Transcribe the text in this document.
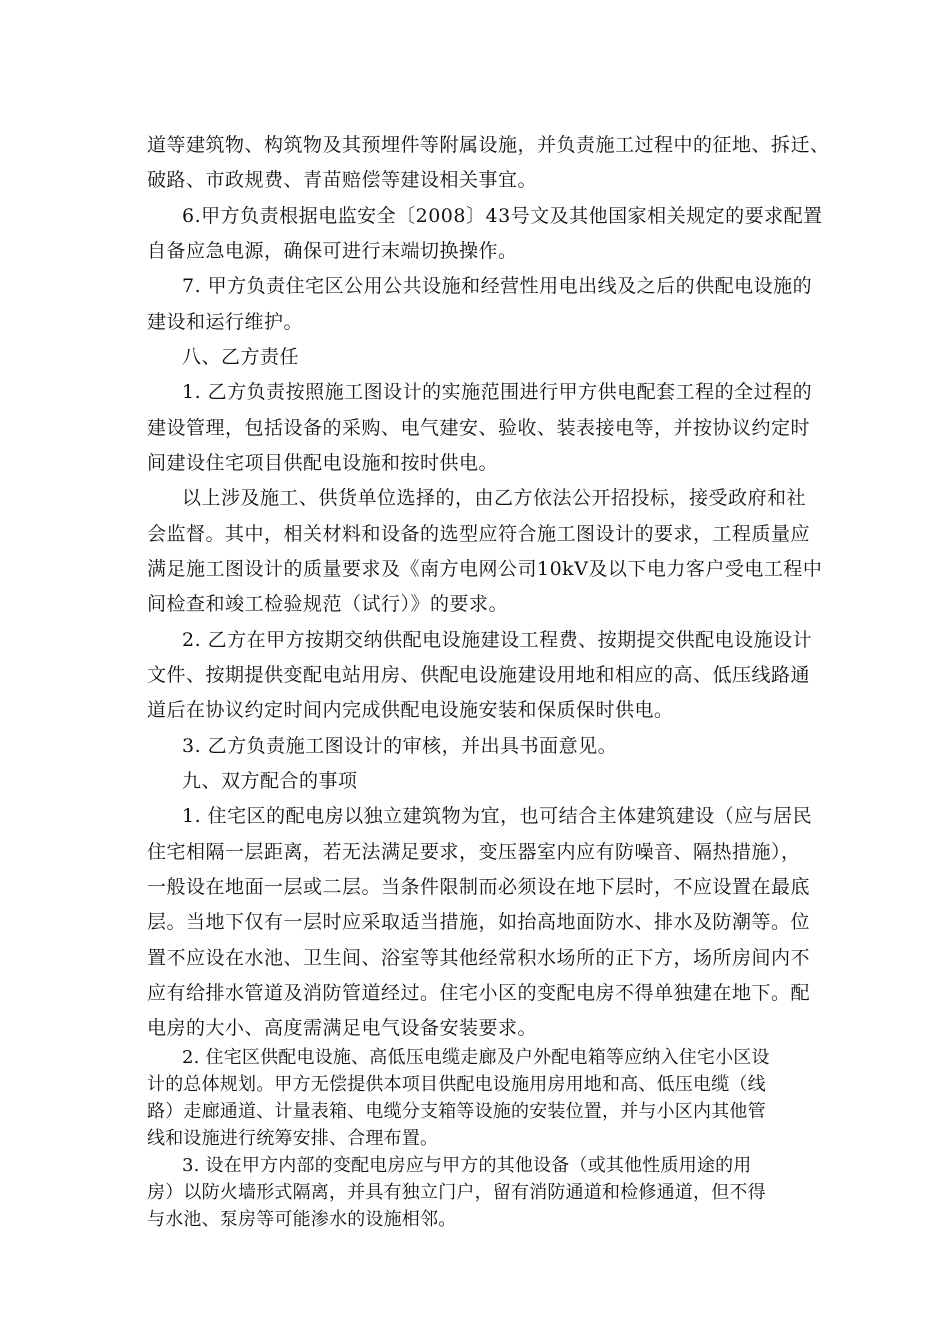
道等建筑物、构筑物及其预埋件等附属设施，并负责施工过程中的征地、拆迁、
破路、市政规费、青苗赔偿等建设相关事宜。
6.甲方负责根据电监安全〔2008〕43号文及其他国家相关规定的要求配置
自备应急电源，确保可进行末端切换操作。
7. 甲方负责住宅区公用公共设施和经营性用电出线及之后的供配电设施的
建设和运行维护。
八、乙方责任
1. 乙方负责按照施工图设计的实施范围进行甲方供电配套工程的全过程的
建设管理，包括设备的采购、电气建安、验收、装表接电等，并按协议约定时
间建设住宅项目供配电设施和按时供电。
以上涉及施工、供货单位选择的，由乙方依法公开招投标，接受政府和社
会监督。其中，相关材料和设备的选型应符合施工图设计的要求，工程质量应
满足施工图设计的质量要求及《南方电网公司10kV及以下电力客户受电工程中
间检查和竣工检验规范（试行）》的要求。
2. 乙方在甲方按期交纳供配电设施建设工程费、按期提交供配电设施设计
文件、按期提供变配电站用房、供配电设施建设用地和相应的高、低压线路通
道后在协议约定时间内完成供配电设施安装和保质保时供电。
3. 乙方负责施工图设计的审核，并出具书面意见。
九、双方配合的事项
1. 住宅区的配电房以独立建筑物为宜，也可结合主体建筑建设（应与居民
住宅相隔一层距离，若无法满足要求，变压器室内应有防噪音、隔热措施），
一般设在地面一层或二层。当条件限制而必须设在地下层时，不应设置在最底
层。当地下仅有一层时应采取适当措施，如抬高地面防水、排水及防潮等。位
置不应设在水池、卫生间、浴室等其他经常积水场所的正下方，场所房间内不
应有给排水管道及消防管道经过。住宅小区的变配电房不得单独建在地下。配
电房的大小、高度需满足电气设备安装要求。
2. 住宅区供配电设施、高低压电缆走廊及户外配电箱等应纳入住宅小区设
计的总体规划。甲方无偿提供本项目供配电设施用房用地和高、低压电缆（线
路）走廊通道、计量表箱、电缆分支箱等设施的安装位置，并与小区内其他管
线和设施进行统筹安排、合理布置。
3. 设在甲方内部的变配电房应与甲方的其他设备（或其他性质用途的用
房）以防火墙形式隔离，并具有独立门户，留有消防通道和检修通道，但不得
与水池、泵房等可能渗水的设施相邻。
